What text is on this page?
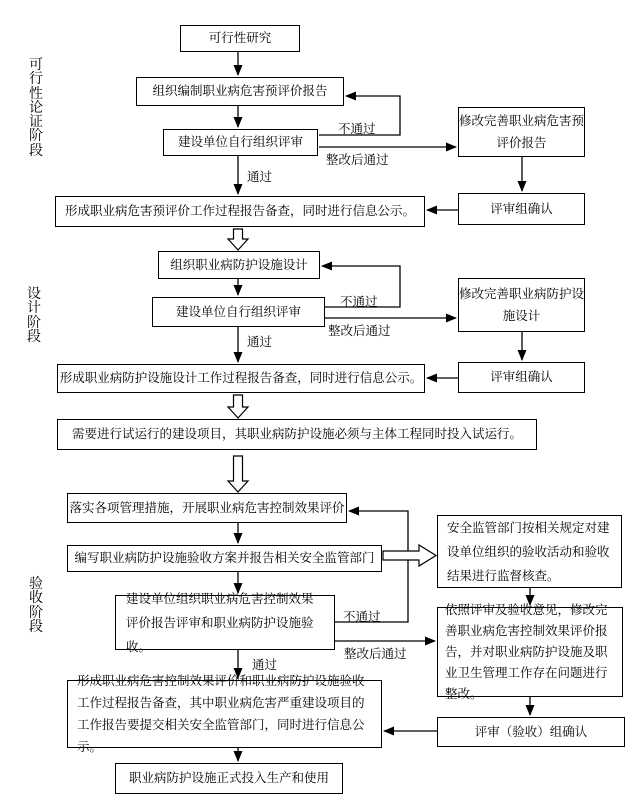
可行性论证阶段
设计阶段
验收阶段
可行性研究
组织编制职业病危害预评价报告
建设单位自行组织评审
形成职业病危害预评价工作过程报告备查，同时进行信息公示。
修改完善职业病危害预评价报告
评审组确认
组织职业病防护设施设计
建设单位自行组织评审
形成职业病防护设施设计工作过程报告备查，同时进行信息公示。
修改完善职业病防护设施设计
评审组确认
需要进行试运行的建设项目，其职业病防护设施必须与主体工程同时投入试运行。
落实各项管理措施，开展职业病危害控制效果评价
编写职业病防护设施验收方案并报告相关安全监管部门
建设单位组织职业病危害控制效果评价报告评审和职业病防护设施验收。
安全监管部门按相关规定对建设单位组织的验收活动和验收结果进行监督核查。
依照评审及验收意见，修改完善职业病危害控制效果评价报告，并对职业病防护设施及职业卫生管理工作存在问题进行整改。
评审（验收）组确认
形成职业病危害控制效果评价和职业病防护设施验收工作过程报告备查，其中职业病危害严重建设项目的工作报告要提交相关安全监管部门，同时进行信息公示。
职业病防护设施正式投入生产和使用
不通过
整改后通过
通过
不通过
整改后通过
通过
不通过
整改后通过
通过
